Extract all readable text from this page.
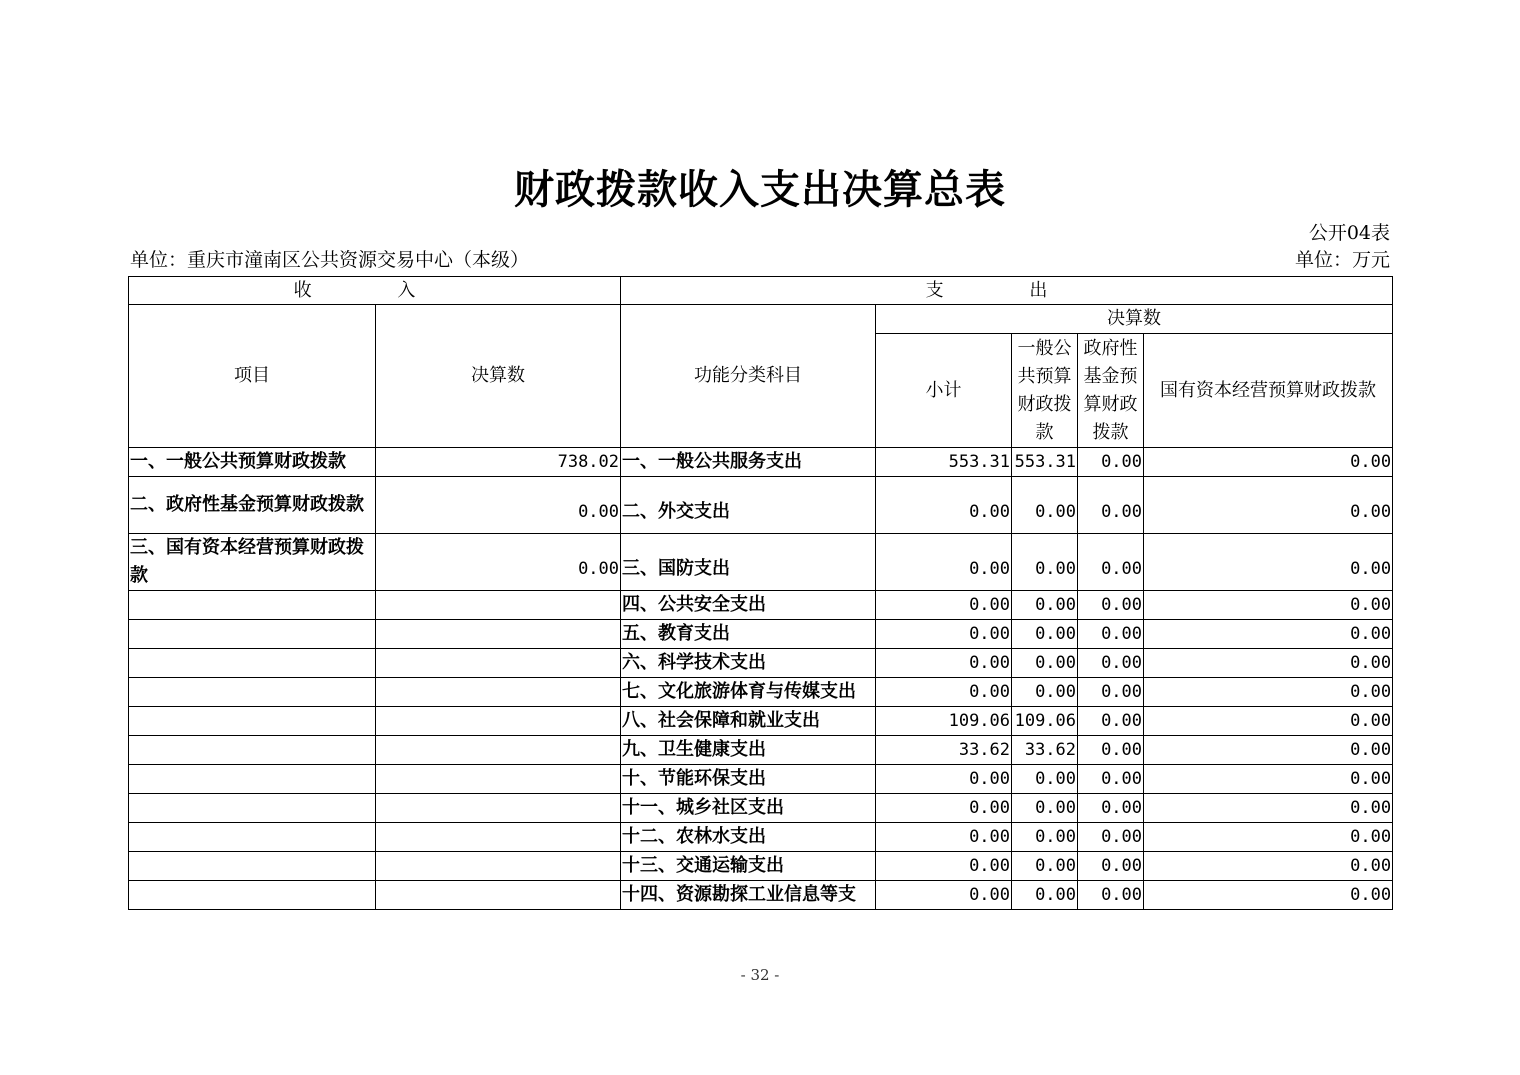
财政拨款收入支出决算总表
公开04表
单位：重庆市潼南区公共资源交易中心（本级）	单位：万元
收 入		支 出				
项目	决算数	功能分类科目	决算数			
			小计	一般公共预算财政拨款	政府性基金预算财政拨款	国有资本经营预算财政拨款
一、一般公共预算财政拨款	738.02	一、一般公共服务支出	553.31	553.31	0.00	0.00
二、政府性基金预算财政拨款	0.00	二、外交支出	0.00	0.00	0.00	0.00
三、国有资本经营预算财政拨款	0.00	三、国防支出	0.00	0.00	0.00	0.00
		四、公共安全支出	0.00	0.00	0.00	0.00
		五、教育支出	0.00	0.00	0.00	0.00
		六、科学技术支出	0.00	0.00	0.00	0.00
		七、文化旅游体育与传媒支出	0.00	0.00	0.00	0.00
		八、社会保障和就业支出	109.06	109.06	0.00	0.00
		九、卫生健康支出	33.62	33.62	0.00	0.00
		十、节能环保支出	0.00	0.00	0.00	0.00
		十一、城乡社区支出	0.00	0.00	0.00	0.00
		十二、农林水支出	0.00	0.00	0.00	0.00
		十三、交通运输支出	0.00	0.00	0.00	0.00
		十四、资源勘探工业信息等支	0.00	0.00	0.00	0.00
- 32 -
